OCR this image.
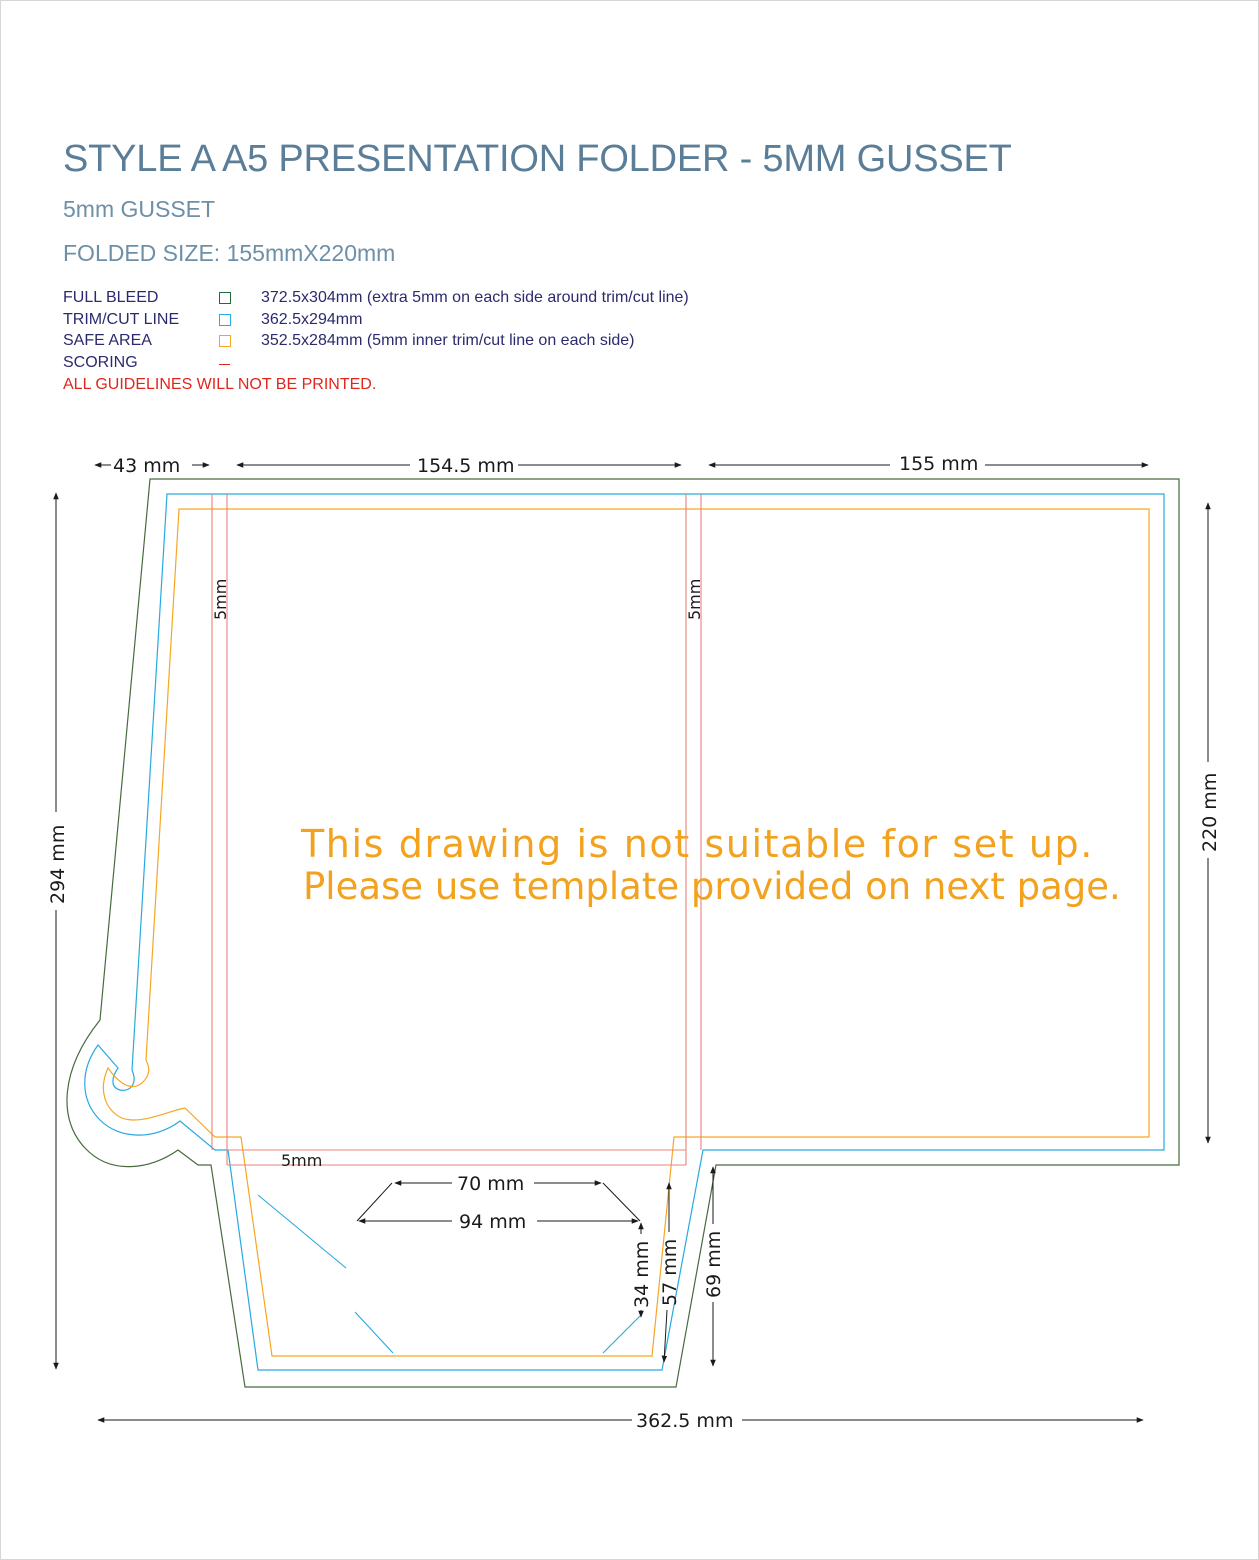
STYLE A A5 PRESENTATION FOLDER - 5MM GUSSET
5mm GUSSET
FOLDED SIZE: 155mmX220mm
FULL BLEED	372.5x304mm (extra 5mm on each side around trim/cut line)
TRIM/CUT LINE	362.5x294mm
SAFE AREA	352.5x284mm (5mm inner trim/cut line on each side)
SCORING
ALL GUIDELINES WILL NOT BE PRINTED.
This drawing is not suitable for set up.
Please use template provided on next page.
43 mm	154.5 mm	155 mm
362.5 mm
70 mm
94 mm
5mm
294 mm
220 mm
5mm	5mm
34 mm 57 mm 69 mm
